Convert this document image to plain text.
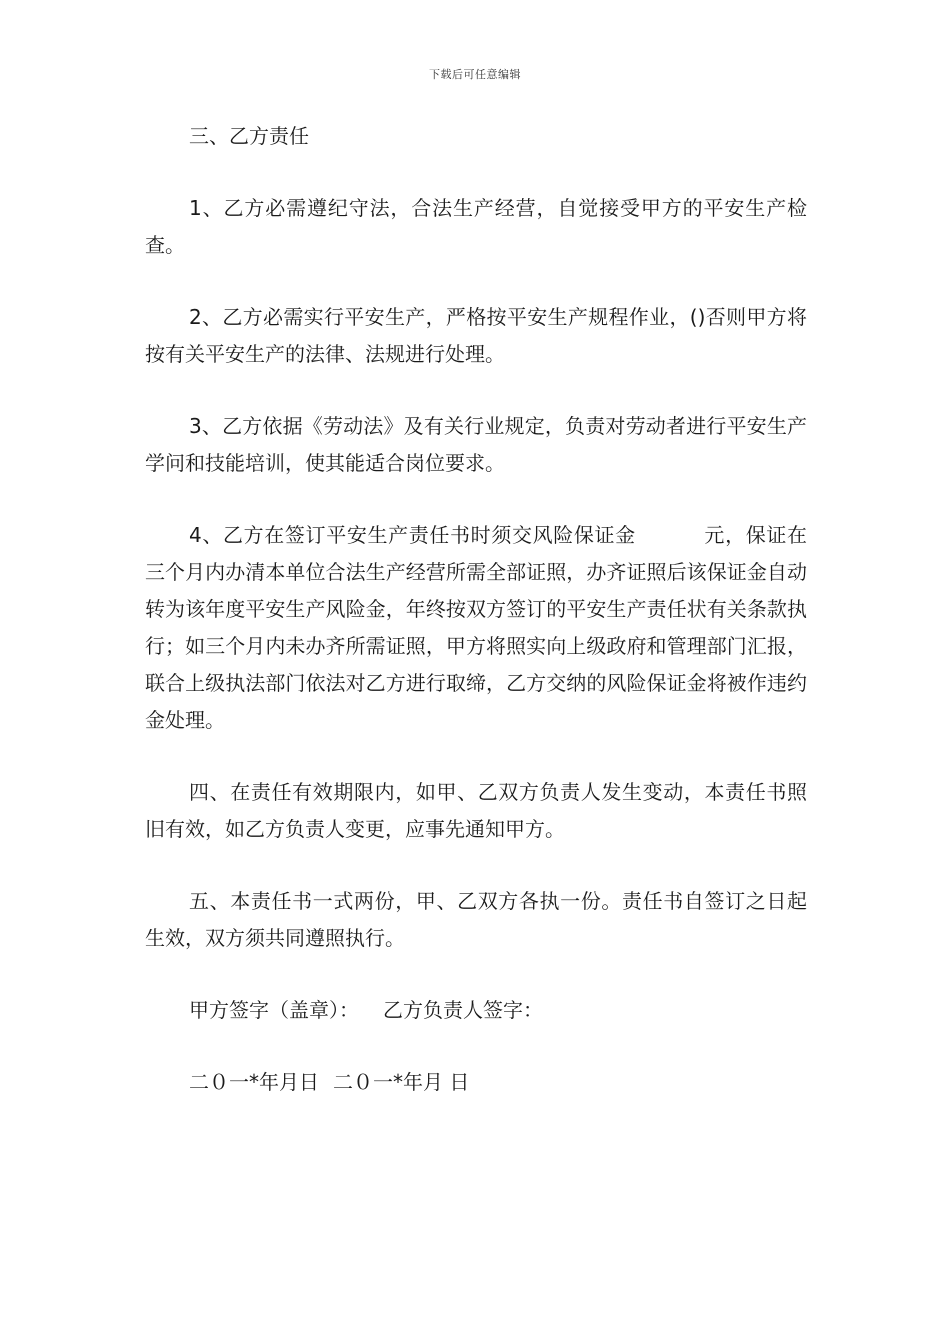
下载后可任意编辑

三、乙方责任

1、乙方必需遵纪守法，合法生产经营，自觉接受甲方的平安生产检查。

2、乙方必需实行平安生产，严格按平安生产规程作业，()否则甲方将按有关平安生产的法律、法规进行处理。

3、乙方依据《劳动法》及有关行业规定，负责对劳动者进行平安生产学问和技能培训，使其能适合岗位要求。

4、乙方在签订平安生产责任书时须交风险保证金	元，保证在三个月内办清本单位合法生产经营所需全部证照，办齐证照后该保证金自动转为该年度平安生产风险金，年终按双方签订的平安生产责任状有关条款执行；如三个月内未办齐所需证照，甲方将照实向上级政府和管理部门汇报，联合上级执法部门依法对乙方进行取缔，乙方交纳的风险保证金将被作违约金处理。

四、在责任有效期限内，如甲、乙双方负责人发生变动，本责任书照旧有效，如乙方负责人变更，应事先通知甲方。

五、本责任书一式两份，甲、乙双方各执一份。责任书自签订之日起生效，双方须共同遵照执行。

甲方签字（盖章）： 乙方负责人签字：

二０一*年月日 二０一*年月 日
